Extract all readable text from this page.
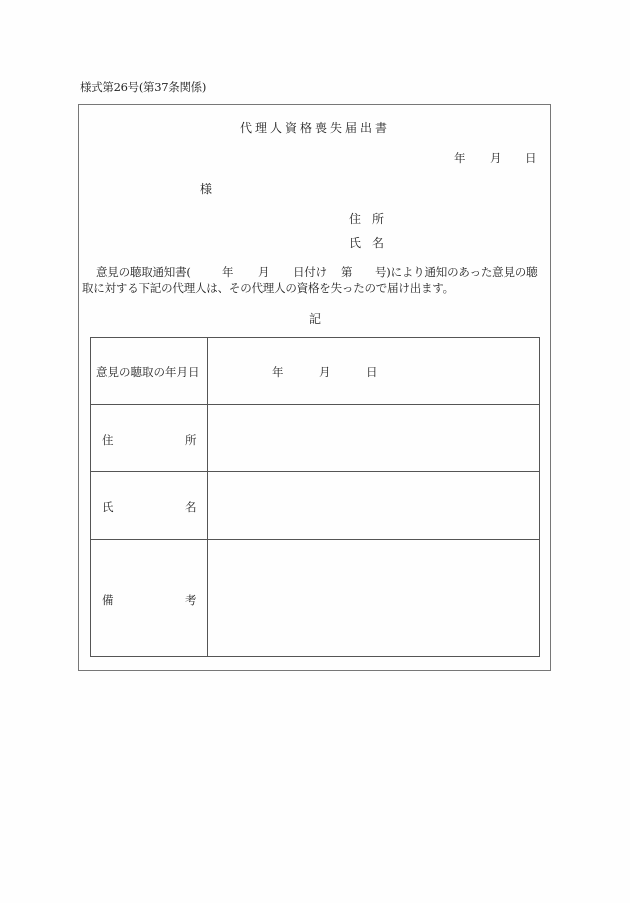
様式第26号(第37条関係)
代理人資格喪失届出書
年 月 日
様
住 所
氏 名
意見の聴取通知書(	年 月 日付け 第 号)により通知のあった意見の聴
取に対する下記の代理人は、その代理人の資格を失ったので届け出ます。
記
意見の聴取の年月日	年	月	日
住	所
氏	名
備	考
